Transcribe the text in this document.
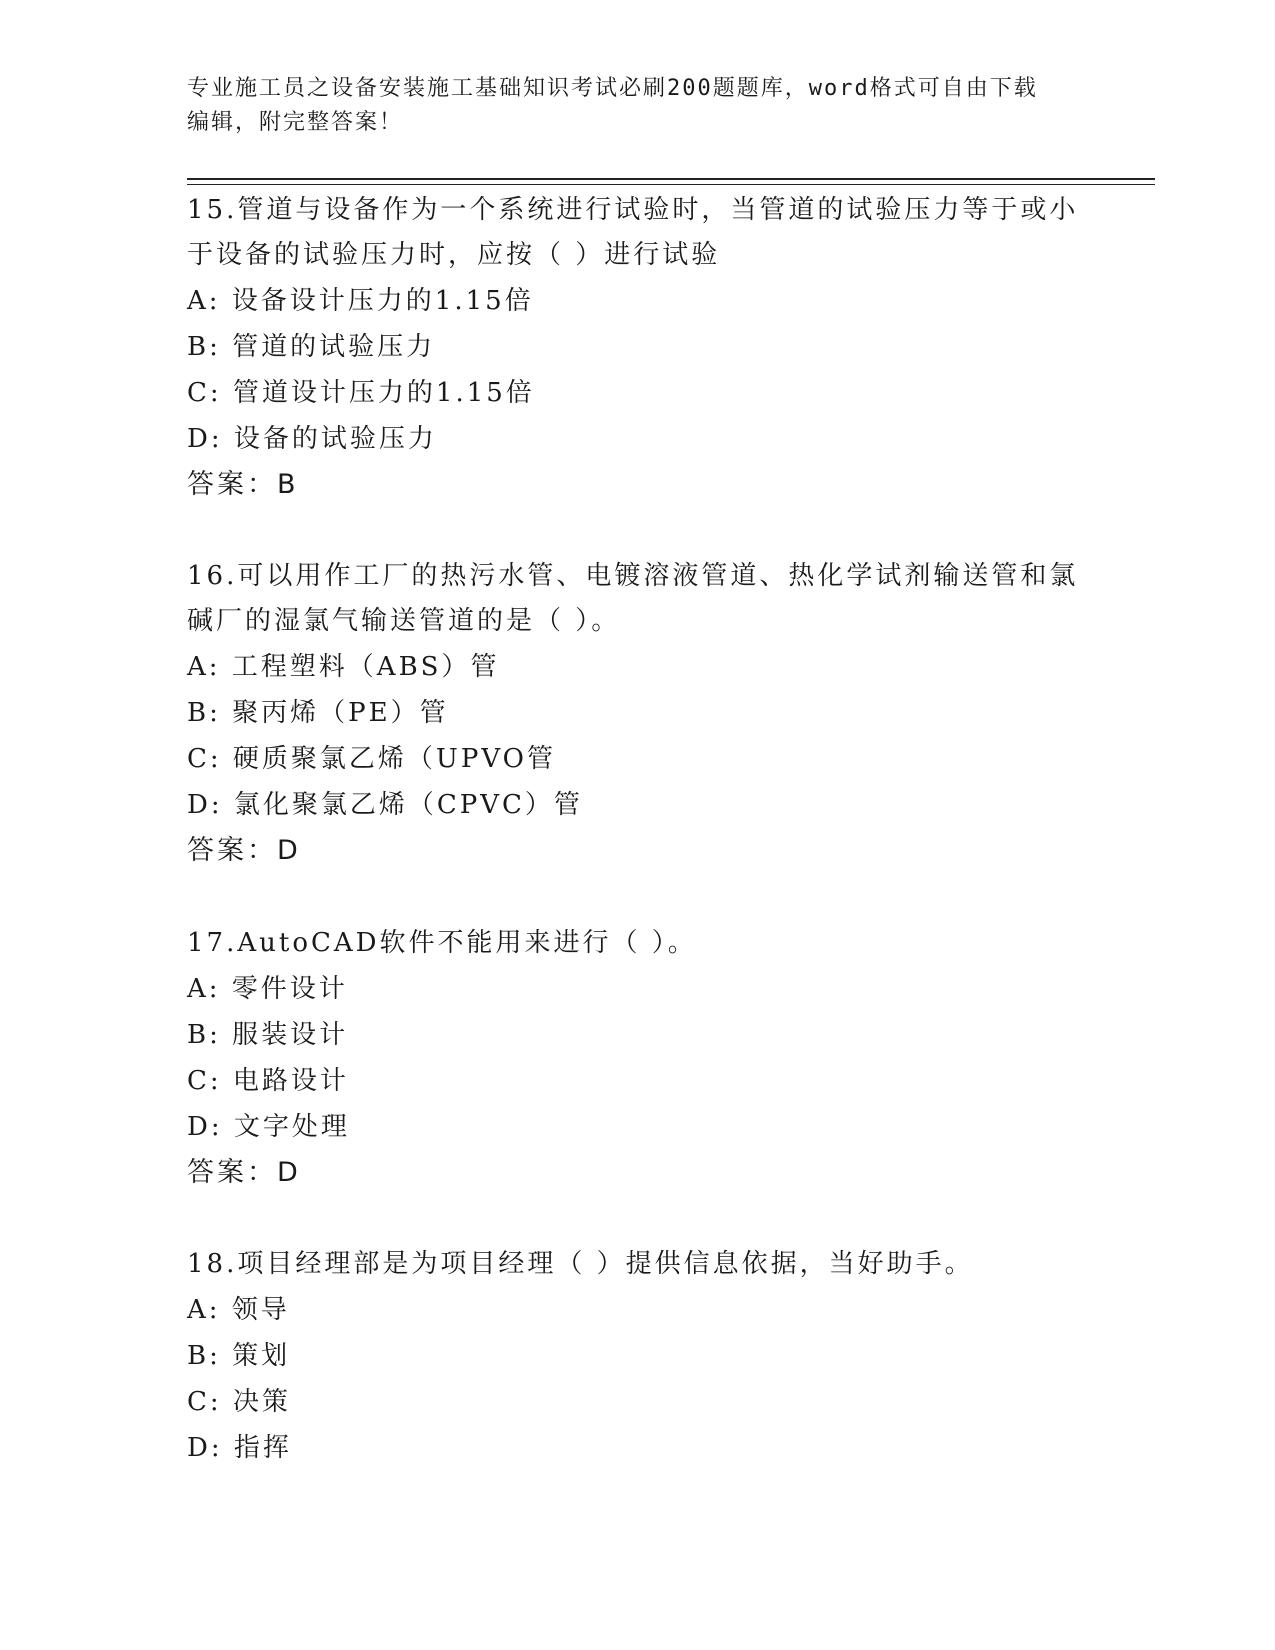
专业施工员之设备安装施工基础知识考试必刷200题题库，word格式可自由下载
编辑，附完整答案！

15.管道与设备作为一个系统进行试验时，当管道的试验压力等于或小

于设备的试验压力时，应按（ ）进行试验

A: 设备设计压力的1.15倍

B: 管道的试验压力

C: 管道设计压力的1.15倍

D: 设备的试验压力

答案：B

16.可以用作工厂的热污水管、电镀溶液管道、热化学试剂输送管和氯

碱厂的湿氯气输送管道的是（ ）。

A: 工程塑料（ABS）管

B: 聚丙烯（PE）管

C: 硬质聚氯乙烯（UPVO管

D: 氯化聚氯乙烯（CPVC）管

答案：D

17.AutoCAD软件不能用来进行（ ）。

A: 零件设计

B: 服装设计

C: 电路设计

D: 文字处理

答案：D

18.项目经理部是为项目经理（ ）提供信息依据，当好助手。

A: 领导

B: 策划

C: 决策

D: 指挥
